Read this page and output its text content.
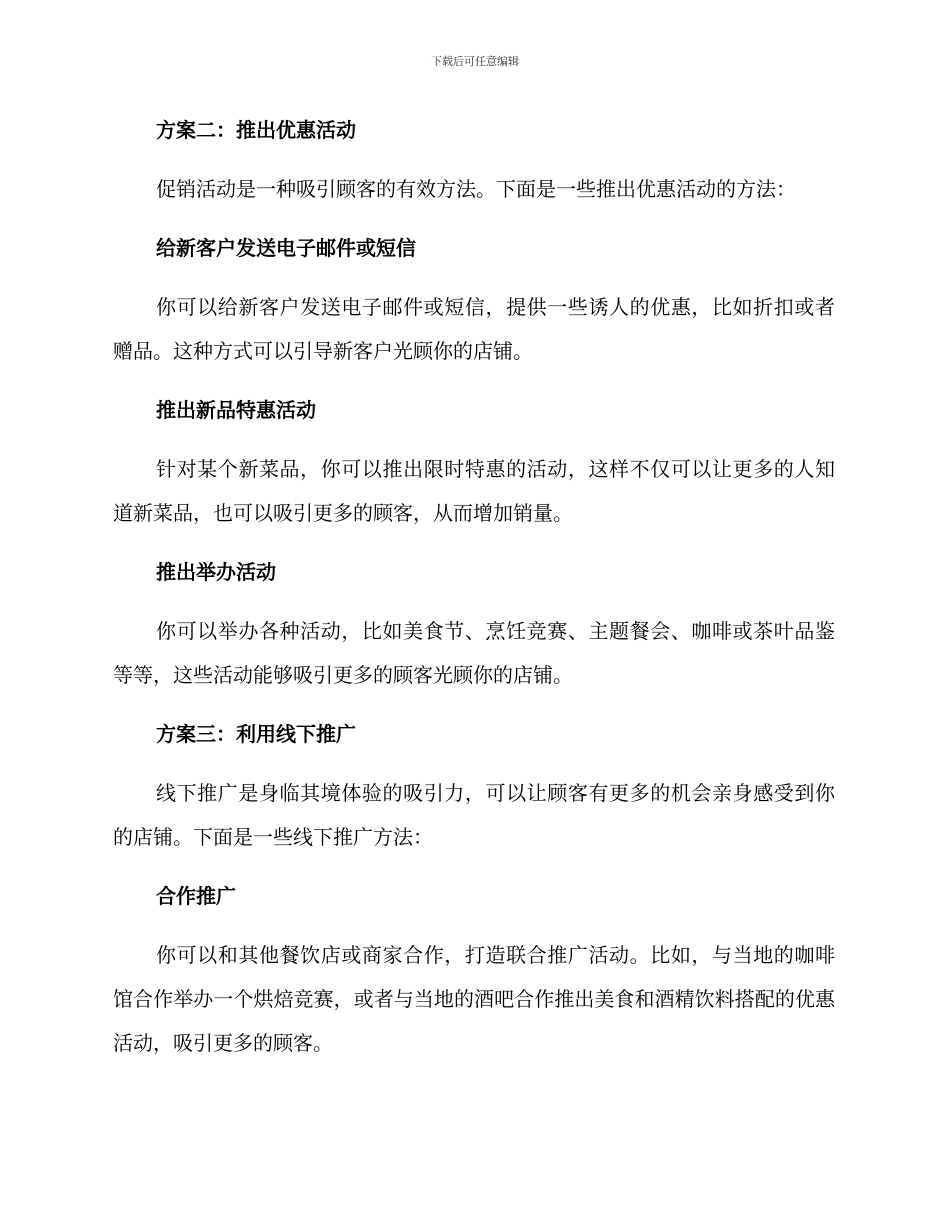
下载后可任意编辑
方案二：推出优惠活动

促销活动是一种吸引顾客的有效方法。下面是一些推出优惠活动的方法：

给新客户发送电子邮件或短信

你可以给新客户发送电子邮件或短信，提供一些诱人的优惠，比如折扣或者赠品。这种方式可以引导新客户光顾你的店铺。

推出新品特惠活动

针对某个新菜品，你可以推出限时特惠的活动，这样不仅可以让更多的人知道新菜品，也可以吸引更多的顾客，从而增加销量。

推出举办活动

你可以举办各种活动，比如美食节、烹饪竞赛、主题餐会、咖啡或茶叶品鉴等等，这些活动能够吸引更多的顾客光顾你的店铺。

方案三：利用线下推广

线下推广是身临其境体验的吸引力，可以让顾客有更多的机会亲身感受到你的店铺。下面是一些线下推广方法：

合作推广

你可以和其他餐饮店或商家合作，打造联合推广活动。比如，与当地的咖啡馆合作举办一个烘焙竞赛，或者与当地的酒吧合作推出美食和酒精饮料搭配的优惠活动，吸引更多的顾客。
